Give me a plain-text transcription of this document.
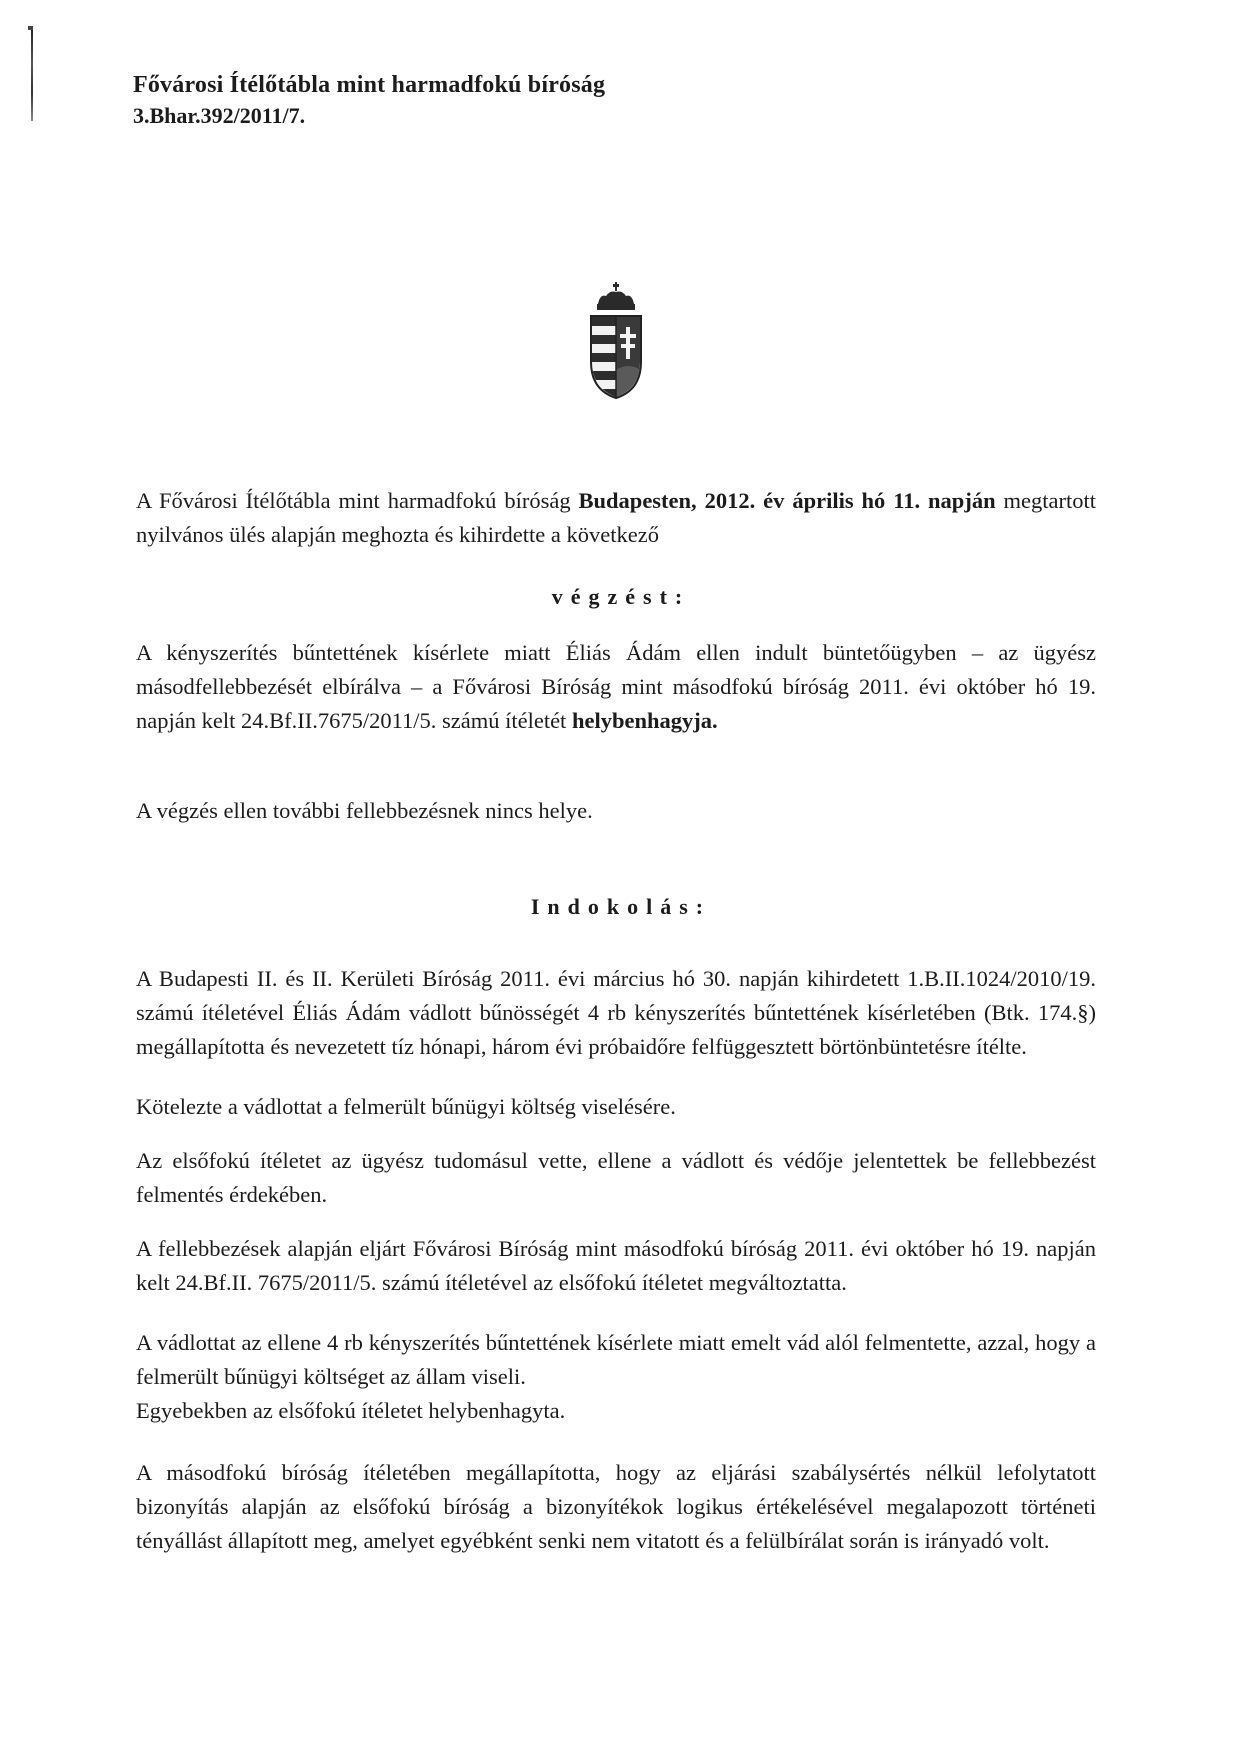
Fővárosi Ítélőtábla mint harmadfokú bíróság
3.Bhar.392/2011/7.
A Fővárosi Ítélőtábla mint harmadfokú bíróság Budapesten, 2012. év április hó 11. napján megtartott nyilvános ülés alapján meghozta és kihirdette a következő
végzést:
A kényszerítés bűntettének kísérlete miatt Éliás Ádám ellen indult büntetőügyben – az ügyész másodfellebbezését elbírálva – a Fővárosi Bíróság mint másodfokú bíróság 2011. évi október hó 19. napján kelt 24.Bf.II.7675/2011/5. számú ítéletét helybenhagyja.
A végzés ellen további fellebbezésnek nincs helye.
Indokolás:
A Budapesti II. és II. Kerületi Bíróság 2011. évi március hó 30. napján kihirdetett 1.B.II.1024/2010/19. számú ítéletével Éliás Ádám vádlott bűnösségét 4 rb kényszerítés bűntettének kísérletében (Btk. 174.§) megállapította és nevezetett tíz hónapi, három évi próbaidőre felfüggesztett börtönbüntetésre ítélte.
Kötelezte a vádlottat a felmerült bűnügyi költség viselésére.
Az elsőfokú ítéletet az ügyész tudomásul vette, ellene a vádlott és védője jelentettek be fellebbezést felmentés érdekében.
A fellebbezések alapján eljárt Fővárosi Bíróság mint másodfokú bíróság 2011. évi október hó 19. napján kelt 24.Bf.II. 7675/2011/5. számú ítéletével az elsőfokú ítéletet megváltoztatta.
A vádlottat az ellene 4 rb kényszerítés bűntettének kísérlete miatt emelt vád alól felmentette, azzal, hogy a felmerült bűnügyi költséget az állam viseli.
Egyebekben az elsőfokú ítéletet helybenhagyta.
A másodfokú bíróság ítéletében megállapította, hogy az eljárási szabálysértés nélkül lefolytatott bizonyítás alapján az elsőfokú bíróság a bizonyítékok logikus értékelésével megalapozott történeti tényállást állapított meg, amelyet egyébként senki nem vitatott és a felülbírálat során is irányadó volt.
